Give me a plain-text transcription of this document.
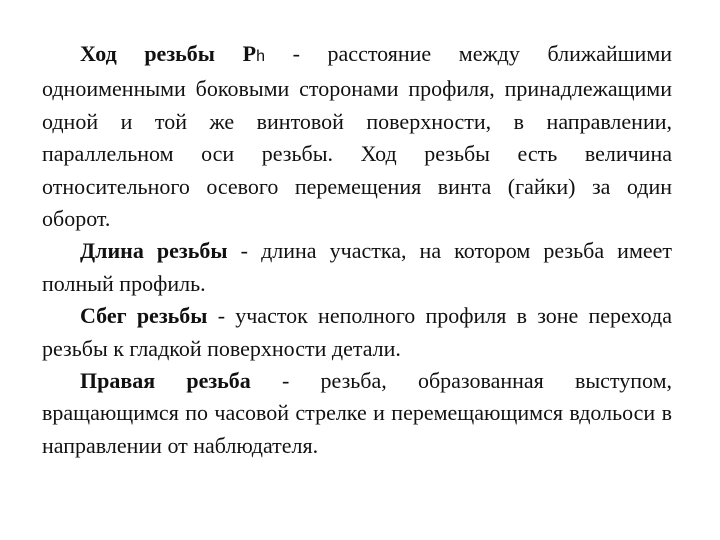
Ход резьбы Ph - расстояние между ближайшими одноименными боковыми сторонами профиля, принадлежащими одной и той же винтовой поверхности, в направлении, параллельном оси резьбы. Ход резьбы есть величина относительного осевого перемещения винта (гайки) за один оборот.

Длина резьбы - длина участка, на котором резьба имеет полный профиль.

Сбег резьбы - участок неполного профиля в зоне перехода резьбы к гладкой поверхности детали.

Правая резьба - резьба, образованная выступом, вращающимся по часовой стрелке и перемещающимся вдольоси в направлении от наблюдателя.
